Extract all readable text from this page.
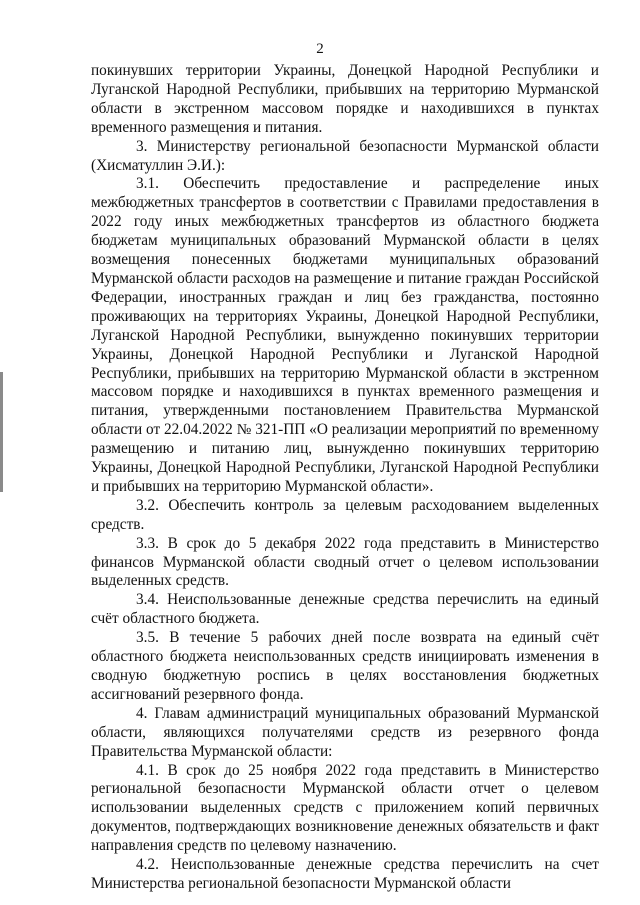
2

покинувших территории Украины, Донецкой Народной Республики и Луганской Народной Республики, прибывших на территорию Мурманской области в экстренном массовом порядке и находившихся в пунктах временного размещения и питания.

3. Министерству региональной безопасности Мурманской области (Хисматуллин Э.И.):

3.1. Обеспечить предоставление и распределение иных межбюджетных трансфертов в соответствии с Правилами предоставления в 2022 году иных межбюджетных трансфертов из областного бюджета бюджетам муниципальных образований Мурманской области в целях возмещения понесенных бюджетами муниципальных образований Мурманской области расходов на размещение и питание граждан Российской Федерации, иностранных граждан и лиц без гражданства, постоянно проживающих на территориях Украины, Донецкой Народной Республики, Луганской Народной Республики, вынужденно покинувших территории Украины, Донецкой Народной Республики и Луганской Народной Республики, прибывших на территорию Мурманской области в экстренном массовом порядке и находившихся в пунктах временного размещения и питания, утвержденными постановлением Правительства Мурманской области от 22.04.2022 № 321-ПП «О реализации мероприятий по временному размещению и питанию лиц, вынужденно покинувших территорию Украины, Донецкой Народной Республики, Луганской Народной Республики и прибывших на территорию Мурманской области».

3.2. Обеспечить контроль за целевым расходованием выделенных средств.

3.3. В срок до 5 декабря 2022 года представить в Министерство финансов Мурманской области сводный отчет о целевом использовании выделенных средств.

3.4. Неиспользованные денежные средства перечислить на единый счёт областного бюджета.

3.5. В течение 5 рабочих дней после возврата на единый счёт областного бюджета неиспользованных средств инициировать изменения в сводную бюджетную роспись в целях восстановления бюджетных ассигнований резервного фонда.

4. Главам администраций муниципальных образований Мурманской области, являющихся получателями средств из резервного фонда Правительства Мурманской области:

4.1. В срок до 25 ноября 2022 года представить в Министерство региональной безопасности Мурманской области отчет о целевом использовании выделенных средств с приложением копий первичных документов, подтверждающих возникновение денежных обязательств и факт направления средств по целевому назначению.

4.2. Неиспользованные денежные средства перечислить на счет Министерства региональной безопасности Мурманской области
